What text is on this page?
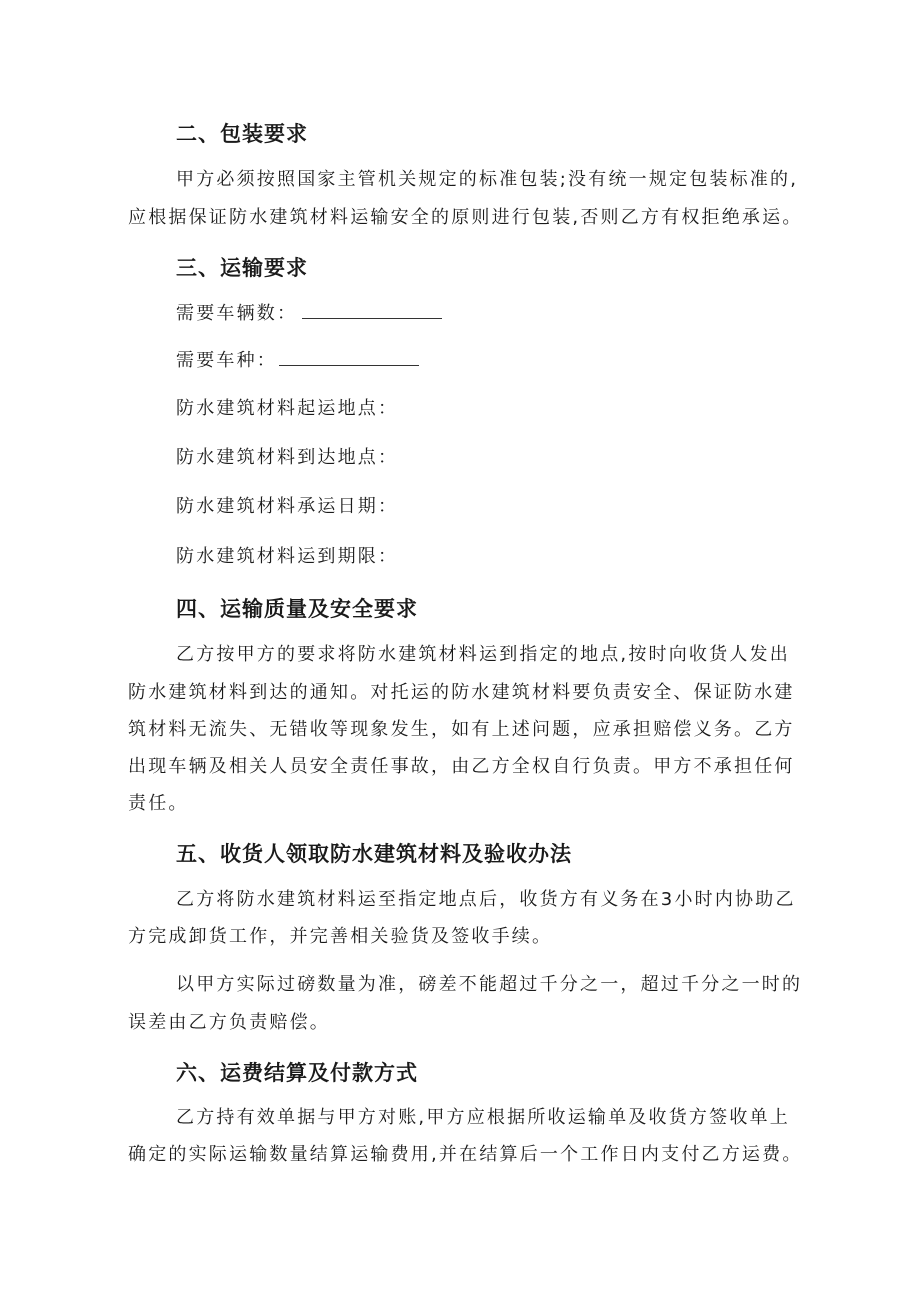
二、包装要求
甲方必须按照国家主管机关规定的标准包装;没有统一规定包装标准的,
应根据保证防水建筑材料运输安全的原则进行包装,否则乙方有权拒绝承运。
三、运输要求
需要车辆数：
需要车种：
防水建筑材料起运地点：
防水建筑材料到达地点：
防水建筑材料承运日期：
防水建筑材料运到期限：
四、运输质量及安全要求
乙方按甲方的要求将防水建筑材料运到指定的地点,按时向收货人发出
防水建筑材料到达的通知。对托运的防水建筑材料要负责安全、保证防水建
筑材料无流失、无错收等现象发生，如有上述问题，应承担赔偿义务。乙方
出现车辆及相关人员安全责任事故，由乙方全权自行负责。甲方不承担任何
责任。
五、收货人领取防水建筑材料及验收办法
乙方将防水建筑材料运至指定地点后，收货方有义务在3小时内协助乙
方完成卸货工作，并完善相关验货及签收手续。
以甲方实际过磅数量为准，磅差不能超过千分之一，超过千分之一时的
误差由乙方负责赔偿。
六、运费结算及付款方式
乙方持有效单据与甲方对账,甲方应根据所收运输单及收货方签收单上
确定的实际运输数量结算运输费用,并在结算后一个工作日内支付乙方运费。
